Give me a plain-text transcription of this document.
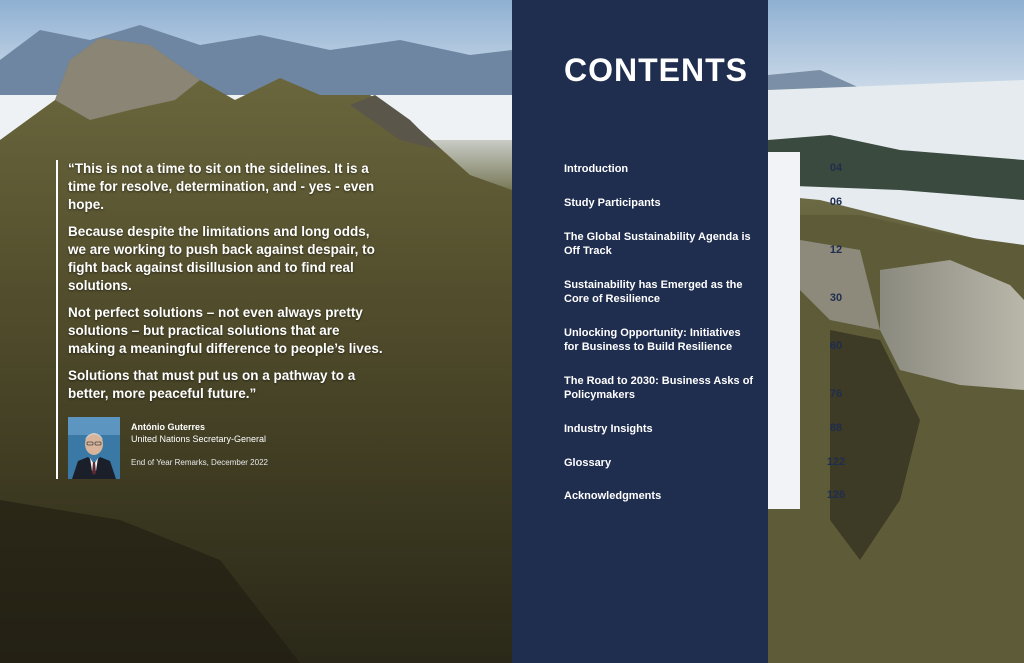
“This is not a time to sit on the sidelines. It is a time for resolve, determination, and - yes - even hope.

Because despite the limitations and long odds, we are working to push back against despair, to fight back against disillusion and to find real solutions.

Not perfect solutions – not even always pretty solutions – but practical solutions that are making a meaningful difference to people’s lives.

Solutions that must put us on a pathway to a better, more peaceful future.”

António Guterres
United Nations Secretary-General
End of Year Remarks, December 2022
CONTENTS
Introduction	04
Study Participants	06
The Global Sustainability Agenda is Off Track	12
Sustainability has Emerged as the Core of Resilience	30
Unlocking Opportunity: Initiatives for Business to Build Resilience	60
The Road to 2030: Business Asks of Policymakers	76
Industry Insights	88
Glossary	122
Acknowledgments	126
